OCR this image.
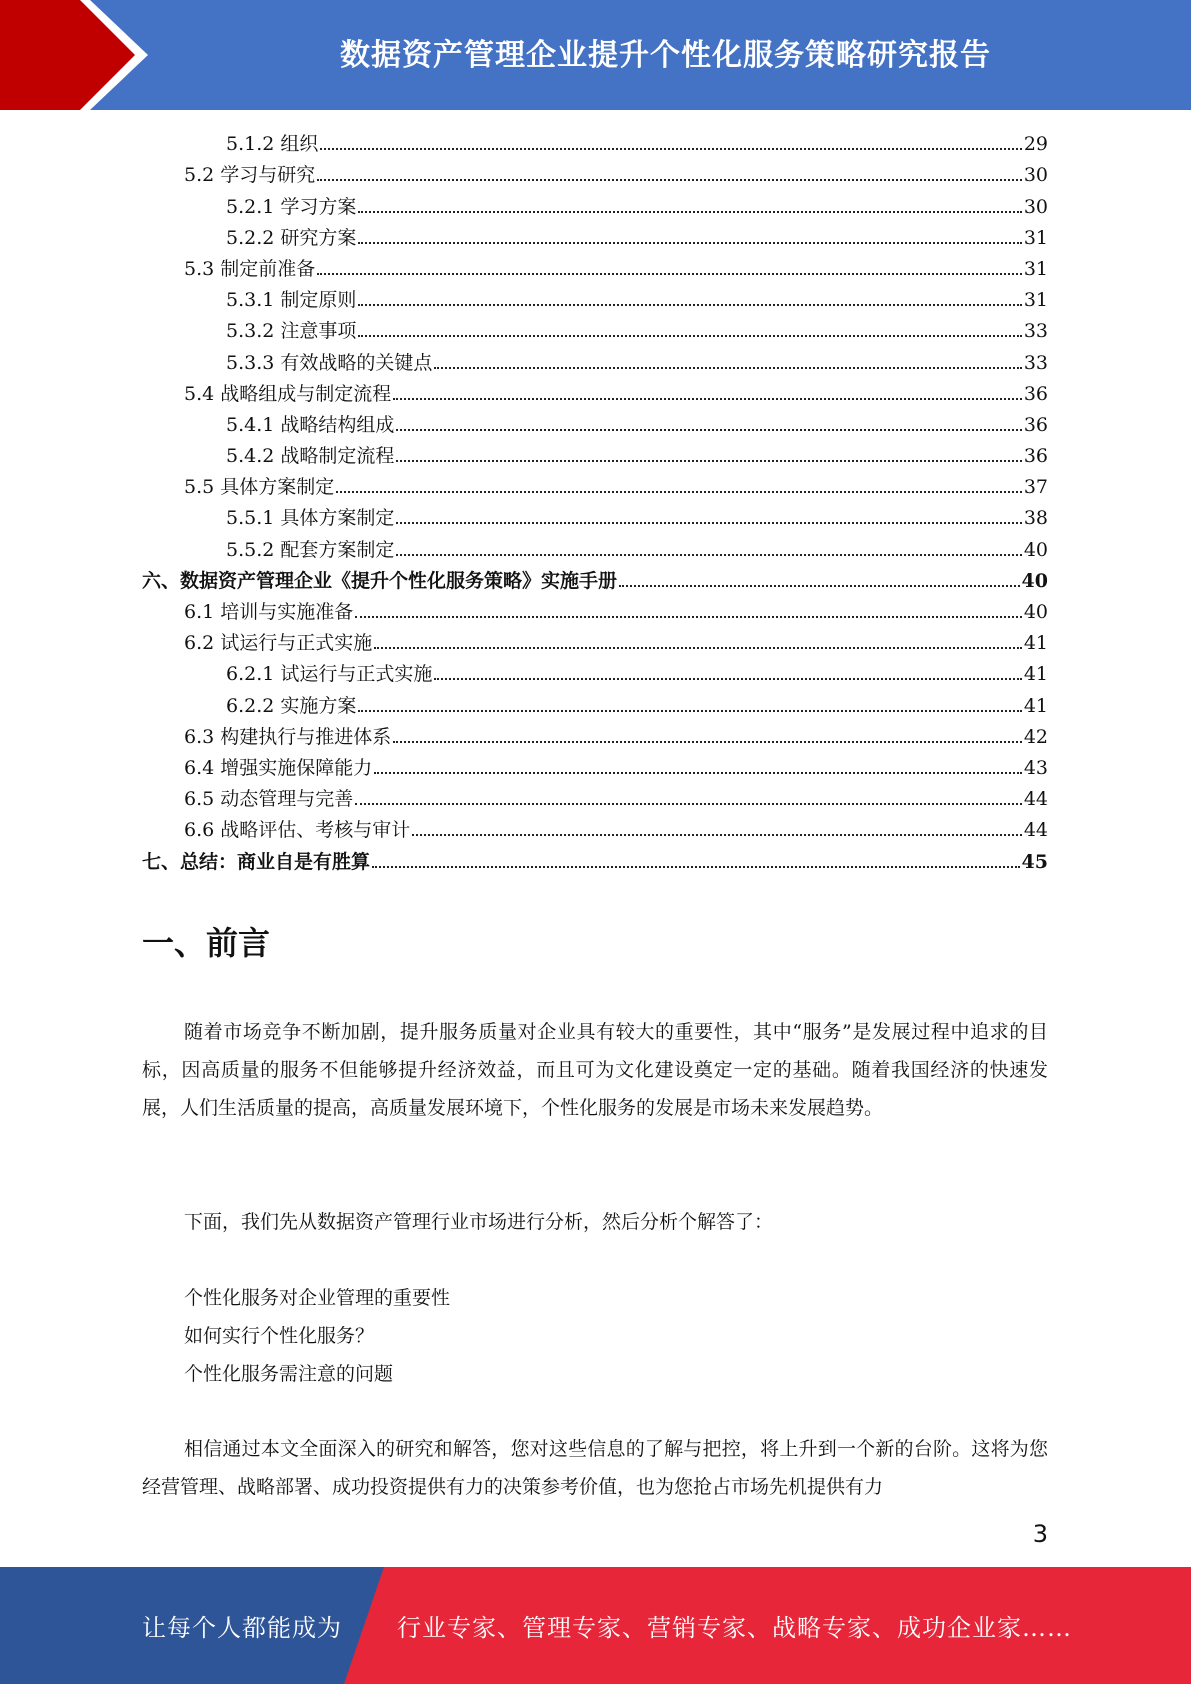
数据资产管理企业提升个性化服务策略研究报告
5.1.2 组织	29
5.2 学习与研究	30
5.2.1 学习方案	30
5.2.2 研究方案	31
5.3 制定前准备	31
5.3.1 制定原则	31
5.3.2 注意事项	33
5.3.3 有效战略的关键点	33
5.4 战略组成与制定流程	36
5.4.1 战略结构组成	36
5.4.2 战略制定流程	36
5.5 具体方案制定	37
5.5.1 具体方案制定	38
5.5.2 配套方案制定	40
六、数据资产管理企业《提升个性化服务策略》实施手册	40
6.1 培训与实施准备	40
6.2 试运行与正式实施	41
6.2.1 试运行与正式实施	41
6.2.2 实施方案	41
6.3 构建执行与推进体系	42
6.4 增强实施保障能力	43
6.5 动态管理与完善	44
6.6 战略评估、考核与审计	44
七、总结：商业自是有胜算	45
一、前言

随着市场竞争不断加剧，提升服务质量对企业具有较大的重要性，其中“服务”是发展过程中追求的目标，因高质量的服务不但能够提升经济效益，而且可为文化建设奠定一定的基础。随着我国经济的快速发展，人们生活质量的提高，高质量发展环境下，个性化服务的发展是市场未来发展趋势。

下面，我们先从数据资产管理行业市场进行分析，然后分析个解答了：

个性化服务对企业管理的重要性
如何实行个性化服务？
个性化服务需注意的问题

相信通过本文全面深入的研究和解答，您对这些信息的了解与把控，将上升到一个新的台阶。这将为您经营管理、战略部署、成功投资提供有力的决策参考价值，也为您抢占市场先机提供有力

3
让每个人都能成为 行业专家、管理专家、营销专家、战略专家、成功企业家……
